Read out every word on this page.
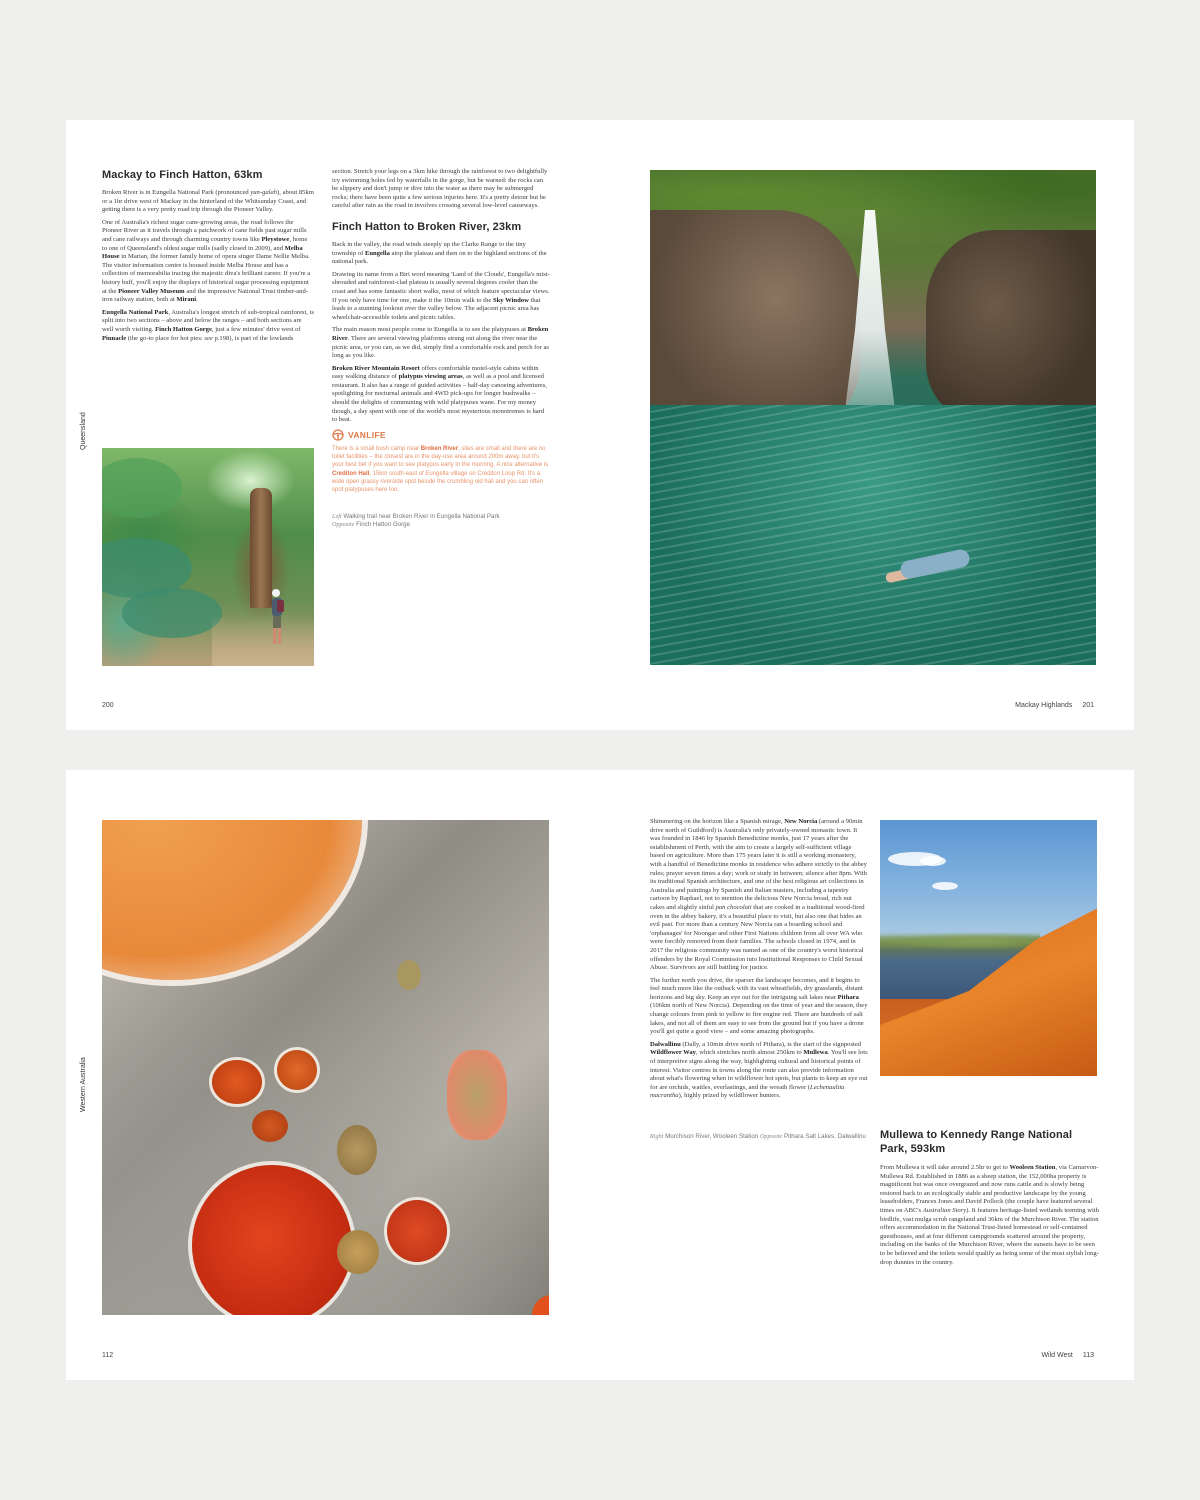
Queensland
Mackay to Finch Hatton, 63km

Broken River is in Eungella National Park (pronounced yun-galah), about 85km or a 1hr drive west of Mackay in the hinterland of the Whitsunday Coast, and getting there is a very pretty road trip through the Pioneer Valley.

One of Australia's richest sugar cane-growing areas, the road follows the Pioneer River as it travels through a patchwork of cane fields past sugar mills and cane railways and through charming country towns like Pleystowe, home to one of Queensland's oldest sugar mills (sadly closed in 2009), and Melba House in Marian, the former family home of opera singer Dame Nellie Melba. The visitor information centre is housed inside Melba House and has a collection of memorabilia tracing the majestic diva's brilliant career. If you're a history buff, you'll enjoy the displays of historical sugar processing equipment at the Pioneer Valley Museum and the impressive National Trust timber-and-iron railway station, both at Mirani.

Eungella National Park, Australia's longest stretch of sub-tropical rainforest, is split into two sections – above and below the ranges – and both sections are well worth visiting. Finch Hatton Gorge, just a few minutes' drive west of Pinnacle (the go-to place for hot pies: see p.198), is part of the lowlands

section. Stretch your legs on a 3km hike through the rainforest to two delightfully icy swimming holes fed by waterfalls in the gorge, but be warned: the rocks can be slippery and don't jump or dive into the water as there may be submerged rocks; there have been quite a few serious injuries here. It's a pretty detour but be careful after rain as the road in involves crossing several low-level causeways.
Finch Hatton to Broken River, 23km

Back in the valley, the road winds steeply up the Clarke Range to the tiny township of Eungella atop the plateau and then on to the highland sections of the national park.

Drawing its name from a Biri word meaning 'Land of the Clouds', Eungella's mist-shrouded and rainforest-clad plateau is usually several degrees cooler than the coast and has some fantastic short walks, most of which feature spectacular views. If you only have time for one, make it the 10min walk to the Sky Window that leads to a stunning lookout over the valley below. The adjacent picnic area has wheelchair-accessible toilets and picnic tables.

The main reason most people come to Eungella is to see the platypuses at Broken River. There are several viewing platforms strung out along the river near the picnic area, or you can, as we did, simply find a comfortable rock and perch for as long as you like.

Broken River Mountain Resort offers comfortable motel-style cabins within easy walking distance of platypus viewing areas, as well as a pool and licensed restaurant. It also has a range of guided activities – half-day canoeing adventures, spotlighting for nocturnal animals and 4WD pick-ups for longer bushwalks – should the delights of communing with wild platypuses wane. For my money though, a day spent with one of the world's most mysterious monotremes is hard to beat.

VANLIFE
There is a small bush camp near Broken River; sites are small and there are no toilet facilities – the closest are in the day-use area around 200m away, but it's your best bet if you want to see platypus early in the morning. A nice alternative is Crediton Hall, 15km south-east of Eungella village on Crediton Loop Rd. It's a wide open grassy riverside spot beside the crumbling old hall and you can often spot platypuses here too.
Left Walking trail near Broken River in Eungella National Park
Opposite Finch Hatton Gorge
200	Mackay Highlands 201
Western Australia

Shimmering on the horizon like a Spanish mirage, New Norcia (around a 90min drive north of Guildford) is Australia's only privately-owned monastic town. It was founded in 1846 by Spanish Benedictine monks, just 17 years after the establishment of Perth, with the aim to create a largely self-sufficient village based on agriculture. More than 175 years later it is still a working monastery, with a handful of Benedictine monks in residence who adhere strictly to the abbey rules; prayer seven times a day; work or study in between; silence after 8pm. With its traditional Spanish architecture, and one of the best religious art collections in Australia and paintings by Spanish and Italian masters, including a tapestry cartoon by Raphael, not to mention the delicious New Norcia bread, rich nut cakes and slightly sinful pan chocolati that are cooked in a traditional wood-fired oven in the abbey bakery, it's a beautiful place to visit, but also one that hides an evil past. For more than a century New Norcia ran a boarding school and 'orphanages' for Noongar and other First Nations children from all over WA who were forcibly removed from their families. The schools closed in 1974, and in 2017 the religious community was named as one of the country's worst historical offenders by the Royal Commission into Institutional Responses to Child Sexual Abuse. Survivors are still battling for justice.

The further north you drive, the sparser the landscape becomes, and it begins to feel much more like the outback with its vast wheatfields, dry grasslands, distant horizons and big sky. Keep an eye out for the intriguing salt lakes near Pithara (106km north of New Norcia). Depending on the time of year and the season, they change colours from pink to yellow to fire engine red. There are hundreds of salt lakes, and not all of them are easy to see from the ground but if you have a drone you'll get quite a good view – and some amazing photographs.

Dalwallinu (Dally, a 10min drive north of Pithara), is the start of the signposted Wildflower Way, which stretches north almost 250km to Mullewa. You'll see lots of interpretive signs along the way, highlighting cultural and historical points of interest. Visitor centres in towns along the route can also provide information about what's flowering when in wildflower hot spots, but plants to keep an eye out for are orchids, wattles, everlastings, and the wreath flower (Lechenaultia macrantha), highly prized by wildflower hunters.

Right Murchison River, Wooleen Station Opposite Pithara Salt Lakes, Dalwallinu Mullewa to Kennedy Range National Park, 593km

From Mullewa it will take around 2.5hr to get to Wooleen Station, via Carnarvon-Mullewa Rd. Established in 1886 as a sheep station, the 152,000ha property is magnificent but was once overgrazed and now runs cattle and is slowly being restored back to an ecologically stable and productive landscape by the young leaseholders, Frances Jones and David Pollock (the couple have featured several times on ABC's Australian Story). It features heritage-listed wetlands teeming with birdlife, vast mulga scrub rangeland and 36km of the Murchison River. The station offers accommodation in the National Trust-listed homestead or self-contained guesthouses, and at four different campgrounds scattered around the property, including on the banks of the Murchison River, where the sunsets have to be seen to be believed and the toilets would qualify as being some of the most stylish long-drop dunnies in the country.

112	Wild West 113
